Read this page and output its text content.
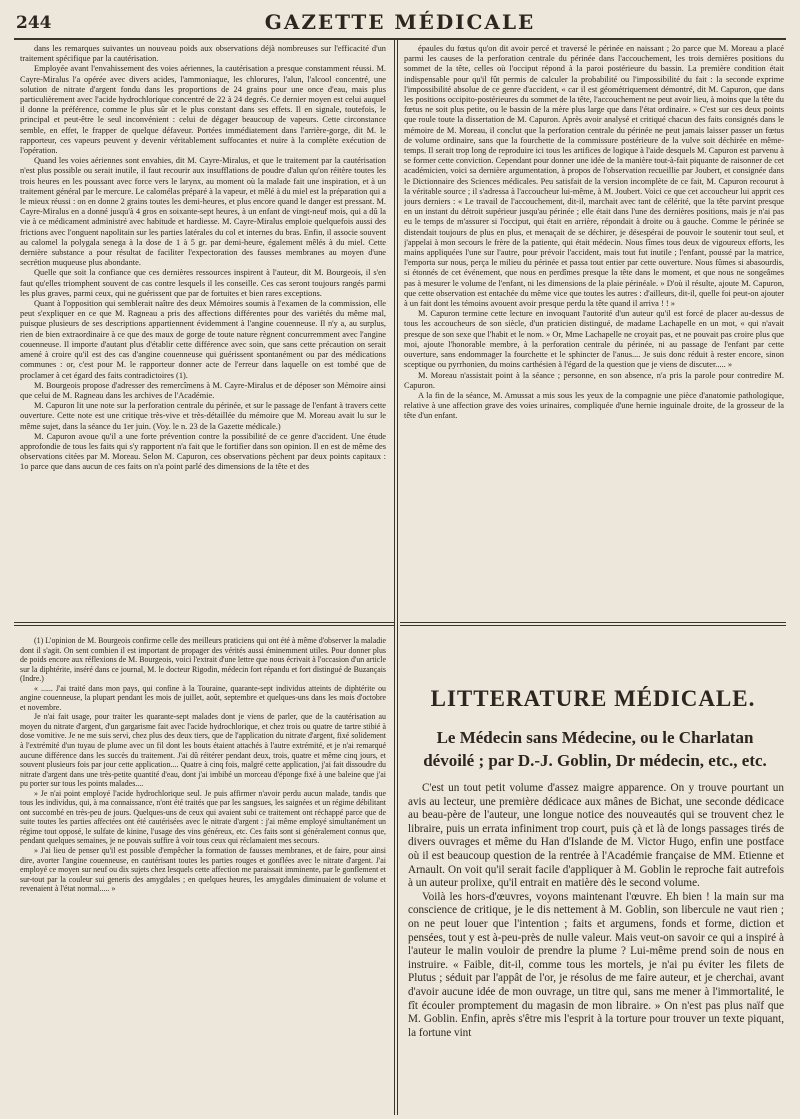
244	GAZETTE MÉDICALE

dans les remarques suivantes un nouveau poids aux observations déjà nombreuses sur l'efficacité d'un traitement spécifique par la cautérisation.

Employée avant l'envahissement des voies aériennes, la cautérisation a presque constamment réussi. M. Cayre-Miralus l'a opérée avec divers acides, l'ammoniaque, les chlorures, l'alun, l'alcool concentré, une solution de nitrate d'argent fondu dans les proportions de 24 grains pour une once d'eau, mais plus particulièrement avec l'acide hydrochlorique concentré de 22 à 24 degrés. Ce dernier moyen est celui auquel il donne la préférence, comme le plus sûr et le plus constant dans ses effets. Il en signale, toutefois, le principal et peut-être le seul inconvénient : celui de dégager beaucoup de vapeurs. Cette circonstance semble, en effet, le frapper de quelque défaveur. Portées immédiatement dans l'arrière-gorge, dit M. le rapporteur, ces vapeurs peuvent y devenir véritablement suffocantes et nuire à la complète exécution de l'opération.

Quand les voies aériennes sont envahies, dit M. Cayre-Miralus, et que le traitement par la cautérisation n'est plus possible ou serait inutile, il faut recourir aux insufflations de poudre d'alun qu'on réitère toutes les trois heures en les poussant avec force vers le larynx, au moment où la malade fait une inspiration, et à un traitement général par le mercure. Le calomélas préparé à la vapeur, et mêlé à du miel est la préparation qui a le mieux réussi : on en donne 2 grains toutes les demi-heures, et plus encore quand le danger est pressant. M. Cayre-Miralus en a donné jusqu'à 4 gros en soixante-sept heures, à un enfant de vingt-neuf mois, qui a dû la vie à ce médicament administré avec habitude et hardiesse. M. Cayre-Miralus emploie quelquefois aussi des frictions avec l'onguent napolitain sur les parties latérales du col et internes du bras. Enfin, il associe souvent au calomel la polygala senega à la dose de 1 à 5 gr. par demi-heure, également mêlés à du miel. Cette dernière substance a pour résultat de faciliter l'expectoration des fausses membranes au moyen d'une secrétion muqueuse plus abondante.

Quelle que soit la confiance que ces dernières ressources inspirent à l'auteur, dit M. Bourgeois, il s'en faut qu'elles triomphent souvent de cas contre lesquels il les conseille. Ces cas seront toujours rangés parmi les plus graves, parmi ceux, qui ne guérissent que par de fortuites et bien rares exceptions.

Quant à l'opposition qui semblerait naître des deux Mémoires soumis à l'examen de la commission, elle peut s'expliquer en ce que M. Ragneau a pris des affections différentes pour des variétés du même mal, puisque plusieurs de ses descriptions appartiennent évidemment à l'angine couenneuse. Il n'y a, au surplus, rien de bien extraordinaire à ce que des maux de gorge de toute nature règnent concurremment avec l'angine couenneuse. Il importe d'autant plus d'établir cette différence avec soin, que sans cette précaution on serait amené à croire qu'il est des cas d'angine couenneuse qui guérissent spontanément ou par des médications communes : or, c'est pour M. le rapporteur donner acte de l'erreur dans laquelle on est tombé que de proclamer à cet égard des faits contradictoires (1).

M. Bourgeois propose d'adresser des remercîmens à M. Cayre-Miralus et de déposer son Mémoire ainsi que celui de M. Ragneau dans les archives de l'Académie.

M. Capuron lit une note sur la perforation centrale du périnée, et sur le passage de l'enfant à travers cette ouverture. Cette note est une critique très-vive et très-détaillée du mémoire que M. Moreau avait lu sur le même sujet, dans la séance du 1er juin. (Voy. le n. 23 de la Gazette médicale.)

M. Capuron avoue qu'il a une forte prévention contre la possibilité de ce genre d'accident. Une étude approfondie de tous les faits qui s'y rapportent n'a fait que le fortifier dans son opinion. Il en est de même des observations citées par M. Moreau. Selon M. Capuron, ces observations pèchent par deux points capitaux : 1o parce que dans aucun de ces faits on n'a point parlé des dimensions de la tête et des

épaules du fœtus qu'on dit avoir percé et traversé le périnée en naissant ; 2o parce que M. Moreau a placé parmi les causes de la perforation centrale du périnée dans l'accouchement, les trois dernières positions du sommet de la tête, celles où l'occiput répond à la paroi postérieure du bassin. La première condition était indispensable pour qu'il fût permis de calculer la probabilité ou l'impossibilité du fait : la seconde exprime l'impossibilité absolue de ce genre d'accident, « car il est géométriquement démontré, dit M. Capuron, que dans les positions occipito-postérieures du sommet de la tête, l'accouchement ne peut avoir lieu, à moins que la tête du fœtus ne soit plus petite, ou le bassin de la mère plus large que dans l'état ordinaire. » C'est sur ces deux points que roule toute la dissertation de M. Capuron. Après avoir analysé et critiqué chacun des faits consignés dans le mémoire de M. Moreau, il conclut que la perforation centrale du périnée ne peut jamais laisser passer un fœtus de volume ordinaire, sans que la fourchette de la commissure postérieure de la vulve soit déchirée en même-temps. Il serait trop long de reproduire ici tous les artifices de logique à l'aide desquels M. Capuron est parvenu à se former cette conviction. Cependant pour donner une idée de la manière tout-à-fait piquante de raisonner de cet académicien, voici sa dernière argumentation, à propos de l'observation recueillie par Joubert, et consignée dans le Dictionnaire des Sciences médicales. Peu satisfait de la version incomplète de ce fait, M. Capuron recourut à la véritable source ; il s'adressa à l'accoucheur lui-même, à M. Joubert. Voici ce que cet accoucheur lui apprit ces jours derniers : « Le travail de l'accouchement, dit-il, marchait avec tant de célérité, que la tête parvint presque en un instant du détroit supérieur jusqu'au périnée ; elle était dans l'une des dernières positions, mais je n'ai pas eu le temps de m'assurer si l'occiput, qui était en arrière, répondait à droite ou à gauche. Comme le périnée se distendait toujours de plus en plus, et menaçait de se déchirer, je désespérai de pouvoir le soutenir tout seul, et j'appelai à mon secours le frère de la patiente, qui était médecin. Nous fîmes tous deux de vigoureux efforts, les mains appliquées l'une sur l'autre, pour prévoir l'accident, mais tout fut inutile ; l'enfant, poussé par la matrice, l'emporta sur nous, perça le milieu du périnée et passa tout entier par cette ouverture. Nous fûmes si abasourdis, si étonnés de cet événement, que nous en perdîmes presque la tête dans le moment, et que nous ne songeâmes pas à mesurer le volume de l'enfant, ni les dimensions de la plaie périnéale. » D'où il résulte, ajoute M. Capuron, que cette observation est entachée du même vice que toutes les autres : d'ailleurs, dit-il, quelle foi peut-on ajouter à un fait dont les témoins avouent avoir presque perdu la tête quand il arriva ! ! »

M. Capuron termine cette lecture en invoquant l'autorité d'un auteur qu'il est forcé de placer au-dessus de tous les accoucheurs de son siècle, d'un praticien distingué, de madame Lachapelle en un mot, « qui n'avait presque de son sexe que l'habit et le nom. » Or, Mme Lachapelle ne croyait pas, et ne pouvait pas croire plus que moi, ajoute l'honorable membre, à la perforation centrale du périnée, ni au passage de l'enfant par cette ouverture, sans endommager la fourchette et le sphincter de l'anus.... Je suis donc réduit à rester encore, sinon sceptique ou pyrrhonien, du moins carthésien à l'égard de la question que je viens de discuter..... »

M. Moreau n'assistait point à la séance ; personne, en son absence, n'a pris la parole pour contredire M. Capuron.

A la fin de la séance, M. Amussat a mis sous les yeux de la compagnie une pièce d'anatomie pathologique, relative à une affection grave des voies urinaires, compliquée d'une hernie inguinale droite, de la grosseur de la tête d'un enfant.

(1) L'opinion de M. Bourgeois confirme celle des meilleurs praticiens qui ont été à même d'observer la maladie dont il s'agit. On sent combien il est important de propager des vérités aussi éminemment utiles. Pour donner plus de poids encore aux réflexions de M. Bourgeois, voici l'extrait d'une lettre que nous écrivait à l'occasion d'un article sur la diphtérite, inséré dans ce journal, M. le docteur Rigodin, médecin fort répandu et fort distingué de Buzançais (Indre.)

« ...... J'ai traité dans mon pays, qui confine à la Touraine, quarante-sept individus atteints de diphtérite ou angine couenneuse, la plupart pendant les mois de juillet, août, septembre et quelques-uns dans les mois d'octobre et novembre.

Je n'ai fait usage, pour traiter les quarante-sept malades dont je viens de parler, que de la cautérisation au moyen du nitrate d'argent, d'un gargarisme fait avec l'acide hydrochlorique, et chez trois ou quatre de tartre stibié à dose vomitive. Je ne me suis servi, chez plus des deux tiers, que de l'application du nitrate d'argent, fixé solidement à l'extrémité d'un tuyau de plume avec un fil dont les bouts étaient attachés à l'autre extrémité, et je n'ai remarqué aucune différence dans les succès du traitement. J'ai dû réitérer pendant deux, trois, quatre et même cinq jours, et souvent plusieurs fois par jour cette application.... Quatre à cinq fois, malgré cette application, j'ai fait dissoudre du nitrate d'argent dans une très-petite quantité d'eau, dont j'ai imbibé un morceau d'éponge fixé à une baleine que j'ai pu porter sur tous les points malades....

» Je n'ai point employé l'acide hydrochlorique seul. Je puis affirmer n'avoir perdu aucun malade, tandis que tous les individus, qui, à ma connaissance, n'ont été traités que par les sangsues, les saignées et un régime débilitant ont succombé en très-peu de jours. Quelques-uns de ceux qui avaient subi ce traitement ont réchappé parce que de suite toutes les parties affectées ont été cautérisées avec le nitrate d'argent : j'ai même employé simultanément un régime tout opposé, le sulfate de kinine, l'usage des vins généreux, etc. Ces faits sont si généralement connus que, pendant quelques semaines, je ne pouvais suffire à voir tous ceux qui réclamaient mes secours.

» J'ai lieu de penser qu'il est possible d'empêcher la formation de fausses membranes, et de faire, pour ainsi dire, avorter l'angine couenneuse, en cautérisant toutes les parties rouges et gonflées avec le nitrate d'argent. J'ai employé ce moyen sur neuf ou dix sujets chez lesquels cette affection me paraissait imminente, par le gonflement et sur-tout par la couleur sui generis des amygdales ; en quelques heures, les amygdales diminuaient de volume et revenaient à l'état normal..... »

LITTERATURE MÉDICALE.
Le Médecin sans Médecine, ou le Charlatan dévoilé ; par D.-J. Goblin, Dr médecin, etc., etc.

C'est un tout petit volume d'assez maigre apparence. On y trouve pourtant un avis au lecteur, une première dédicace aux mânes de Bichat, une seconde dédicace au beau-père de l'auteur, une longue notice des nouveautés qui se trouvent chez le libraire, puis un errata infiniment trop court, puis çà et là de longs passages tirés de divers ouvrages et même du Han d'Islande de M. Victor Hugo, enfin une postface où il est beaucoup question de la rentrée à l'Académie française de MM. Etienne et Arnault. On voit qu'il serait facile d'appliquer à M. Goblin le reproche fait autrefois à un auteur prolixe, qu'il entrait en matière dès le second volume.

Voilà les hors-d'œuvres, voyons maintenant l'œuvre. Eh bien ! la main sur ma conscience de critique, je le dis nettement à M. Goblin, son libercule ne vaut rien ; on ne peut louer que l'intention ; faits et argumens, fonds et forme, diction et pensées, tout y est à-peu-près de nulle valeur. Mais veut-on savoir ce qui a inspiré à l'auteur le malin vouloir de prendre la plume ? Lui-même prend soin de nous en instruire. « Faible, dit-il, comme tous les mortels, je n'ai pu éviter les filets de Plutus ; séduit par l'appât de l'or, je résolus de me faire auteur, et je cherchai, avant d'avoir aucune idée de mon ouvrage, un titre qui, sans me mener à l'immortalité, le fît écouler promptement du magasin de mon libraire. » On n'est pas plus naïf que M. Goblin. Enfin, après s'être mis l'esprit à la torture pour trouver un texte piquant, la fortune vint
